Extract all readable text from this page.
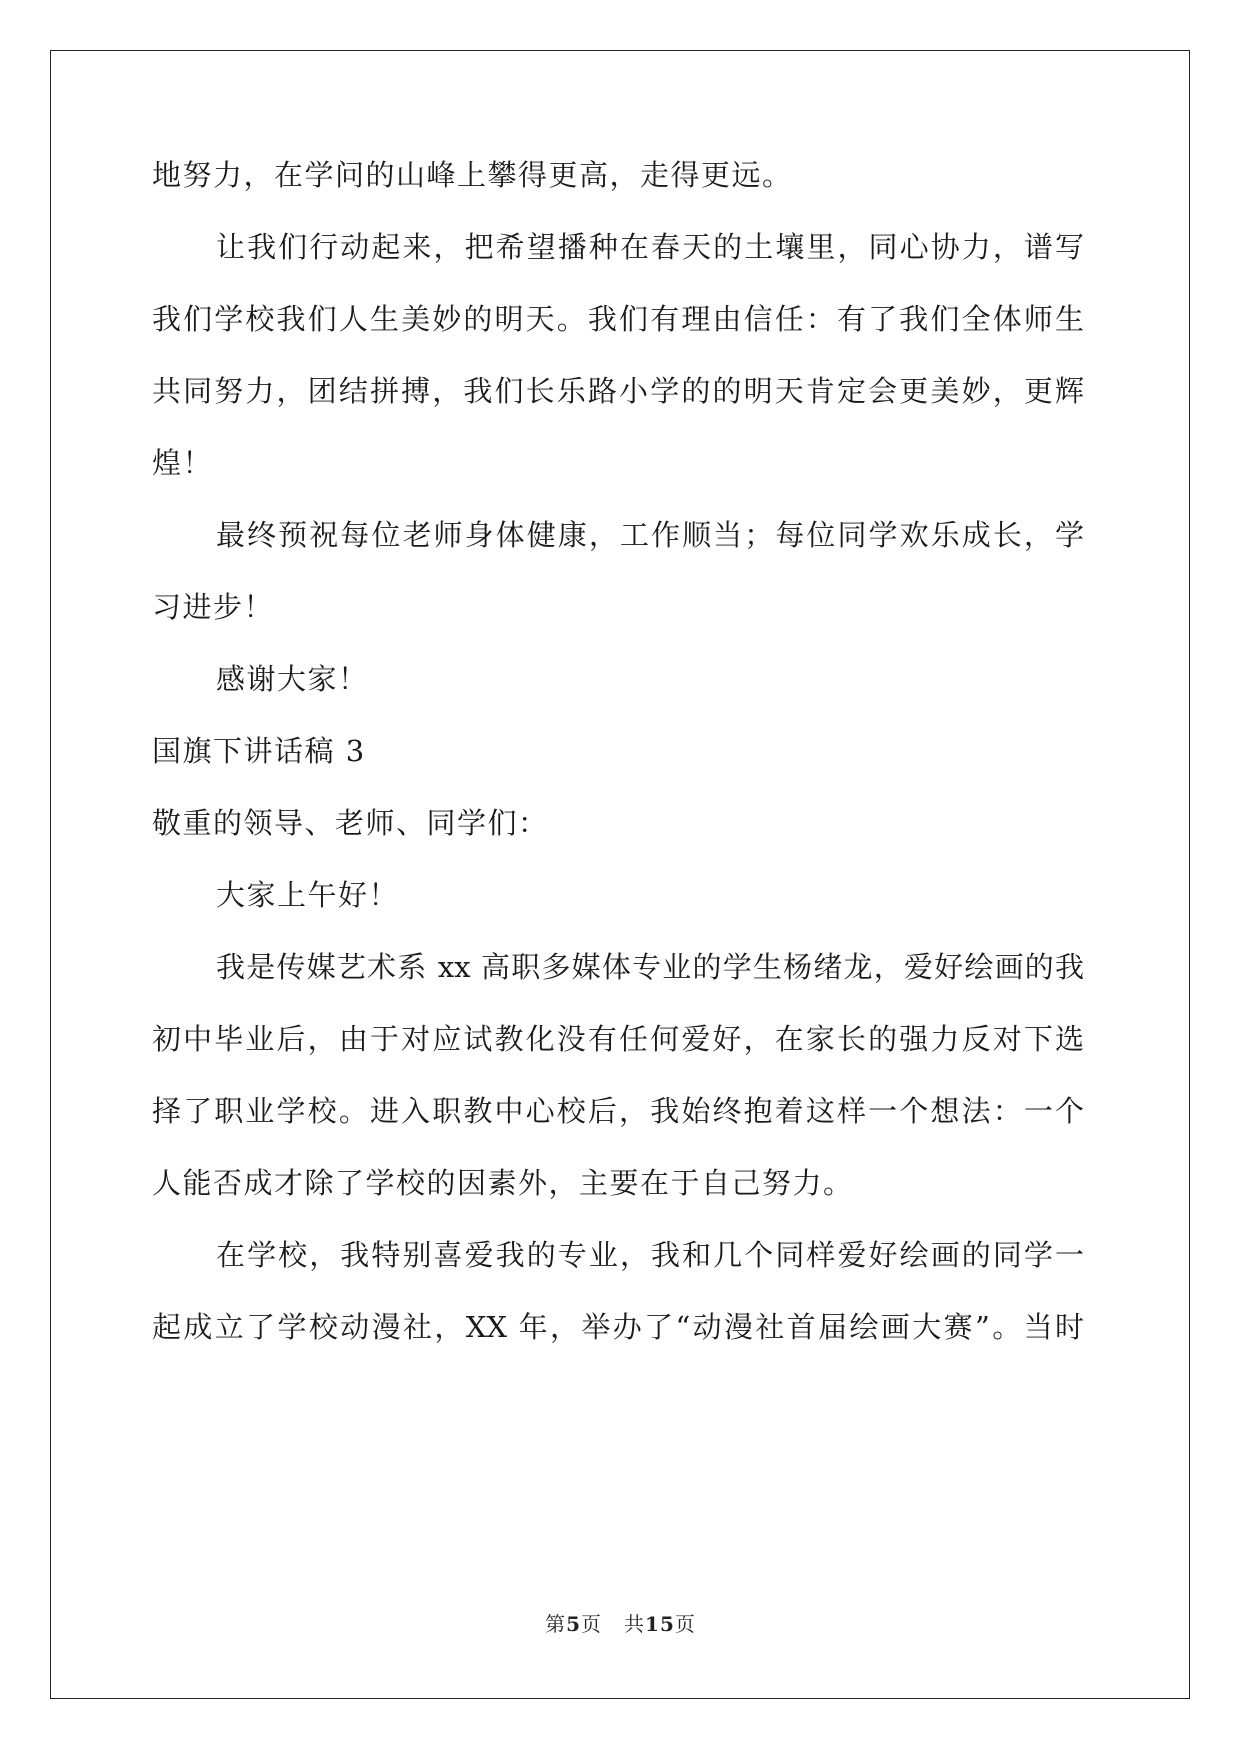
地努力，在学问的山峰上攀得更高，走得更远。
让我们行动起来，把希望播种在春天的土壤里，同心协力，谱写
我们学校我们人生美妙的明天。我们有理由信任：有了我们全体师生
共同努力，团结拼搏，我们长乐路小学的的明天肯定会更美妙，更辉
煌！
最终预祝每位老师身体健康，工作顺当；每位同学欢乐成长，学
习进步！
感谢大家！
国旗下讲话稿 3
敬重的领导、老师、同学们：
大家上午好！
我是传媒艺术系 xx 高职多媒体专业的学生杨绪龙，爱好绘画的我
初中毕业后，由于对应试教化没有任何爱好，在家长的强力反对下选
择了职业学校。进入职教中心校后，我始终抱着这样一个想法：一个
人能否成才除了学校的因素外，主要在于自己努力。
在学校，我特别喜爱我的专业，我和几个同样爱好绘画的同学一
起成立了学校动漫社，XX 年，举办了“动漫社首届绘画大赛”。当时
第5页 共15页
